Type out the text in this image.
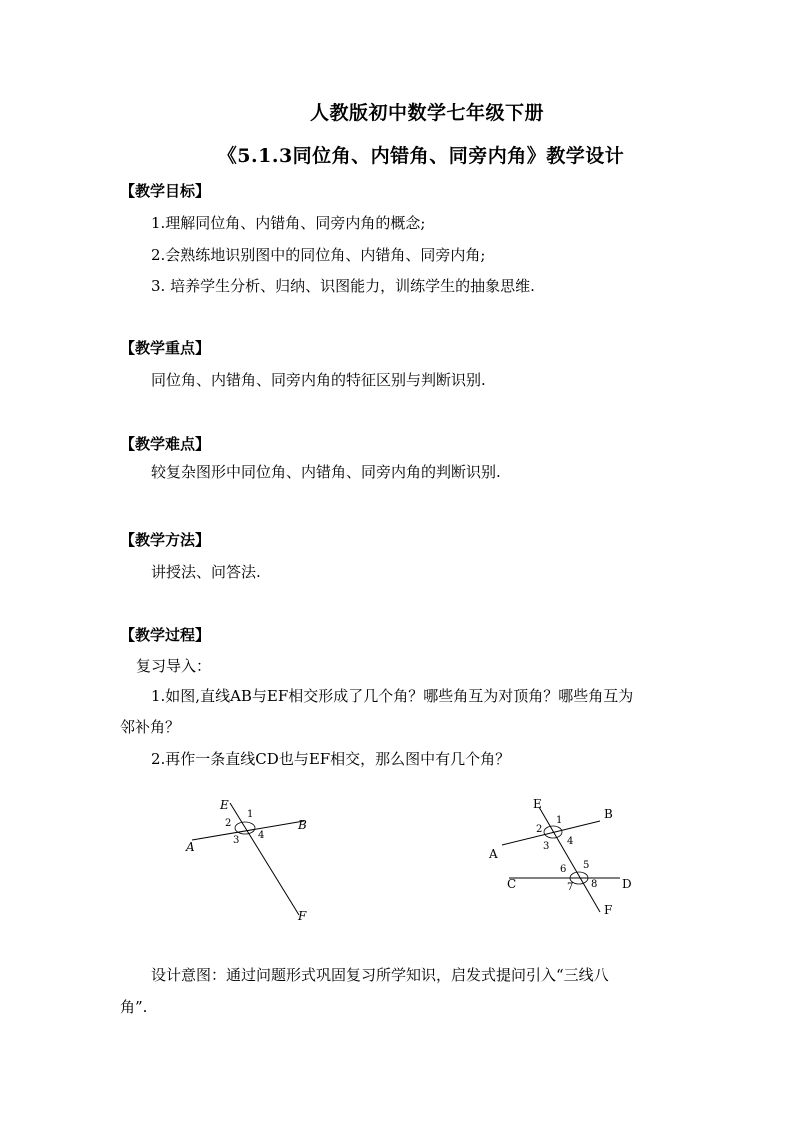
人教版初中数学七年级下册
《5.1.3同位角、内错角、同旁内角》教学设计
【教学目标】
1.理解同位角、内错角、同旁内角的概念;
2.会熟练地识别图中的同位角、内错角、同旁内角;
3. 培养学生分析、归纳、识图能力，训练学生的抽象思维.
【教学重点】
同位角、内错角、同旁内角的特征区别与判断识别.
【教学难点】
较复杂图形中同位角、内错角、同旁内角的判断识别.
【教学方法】
讲授法、问答法.
【教学过程】
复习导入：
1.如图,直线AB与EF相交形成了几个角？哪些角互为对顶角？哪些角互为
邻补角？
2.再作一条直线CD也与EF相交，那么图中有几个角？
E
A
B
F
1
2
3 4
E
A
B
C	D
F
1
2
3 4
5
6
7 8
设计意图：通过问题形式巩固复习所学知识，启发式提问引入“三线八
角”.
